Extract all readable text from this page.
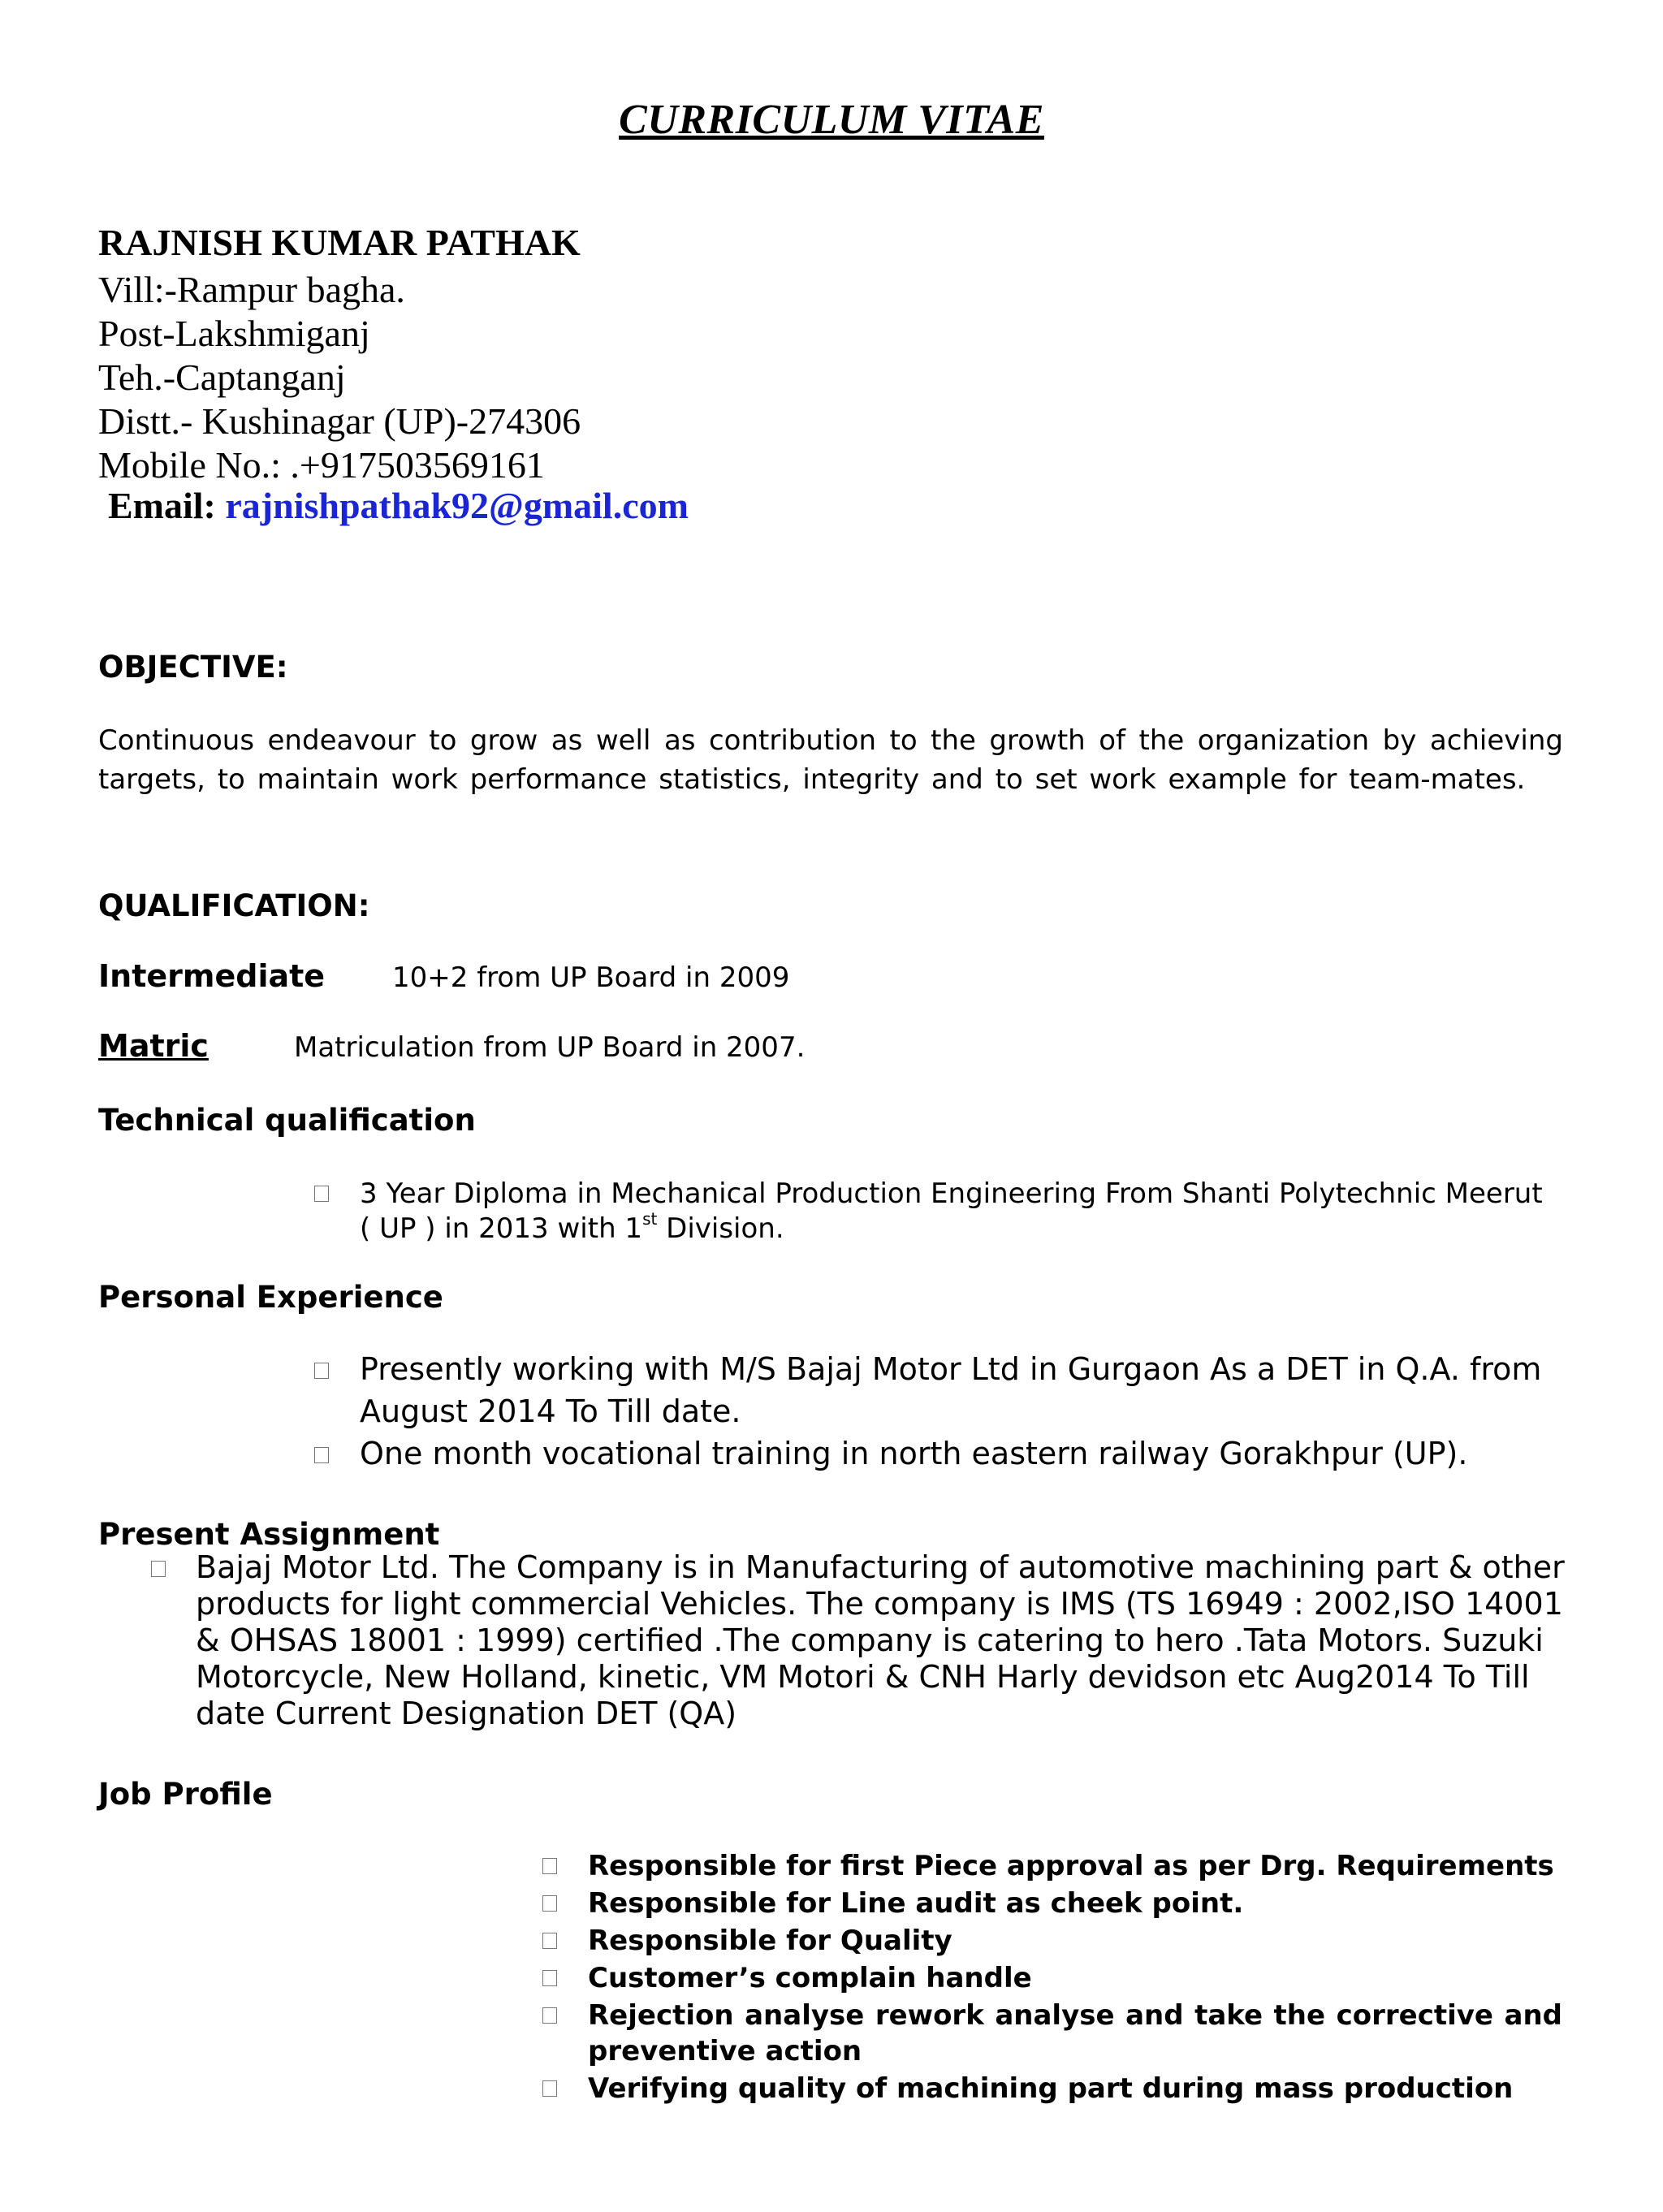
CURRICULUM VITAE
RAJNISH KUMAR PATHAK
Vill:-Rampur bagha.
Post-Lakshmiganj
Teh.-Captanganj
Distt.- Kushinagar (UP)-274306
Mobile No.: .+917503569161
Email: rajnishpathak92@gmail.com
OBJECTIVE:
Continuous endeavour to grow as well as contribution to the growth of the organization by achieving targets, to maintain work performance statistics, integrity and to set work example for team-mates.
QUALIFICATION:
Intermediate 10+2 from UP Board in 2009
Matric	Matriculation from UP Board in 2007.
Technical qualification
3 Year Diploma in Mechanical Production Engineering From Shanti Polytechnic Meerut
( UP ) in 2013 with 1st Division.
Personal Experience
Presently working with M/S Bajaj Motor Ltd in Gurgaon As a DET in Q.A. from
August 2014 To Till date.
One month vocational training in north eastern railway Gorakhpur (UP).
Present Assignment
Bajaj Motor Ltd. The Company is in Manufacturing of automotive machining part & other
products for light commercial Vehicles. The company is IMS (TS 16949 : 2002,ISO 14001
& OHSAS 18001 : 1999) certified .The company is catering to hero .Tata Motors. Suzuki
Motorcycle, New Holland, kinetic, VM Motori & CNH Harly devidson etc Aug2014 To Till
date Current Designation DET (QA)
Job Profile
Responsible for first Piece approval as per Drg. Requirements
Responsible for Line audit as cheek point.
Responsible for Quality
Customer’s complain handle
Rejection analyse rework analyse and take the corrective and
preventive action
Verifying quality of machining part during mass production
